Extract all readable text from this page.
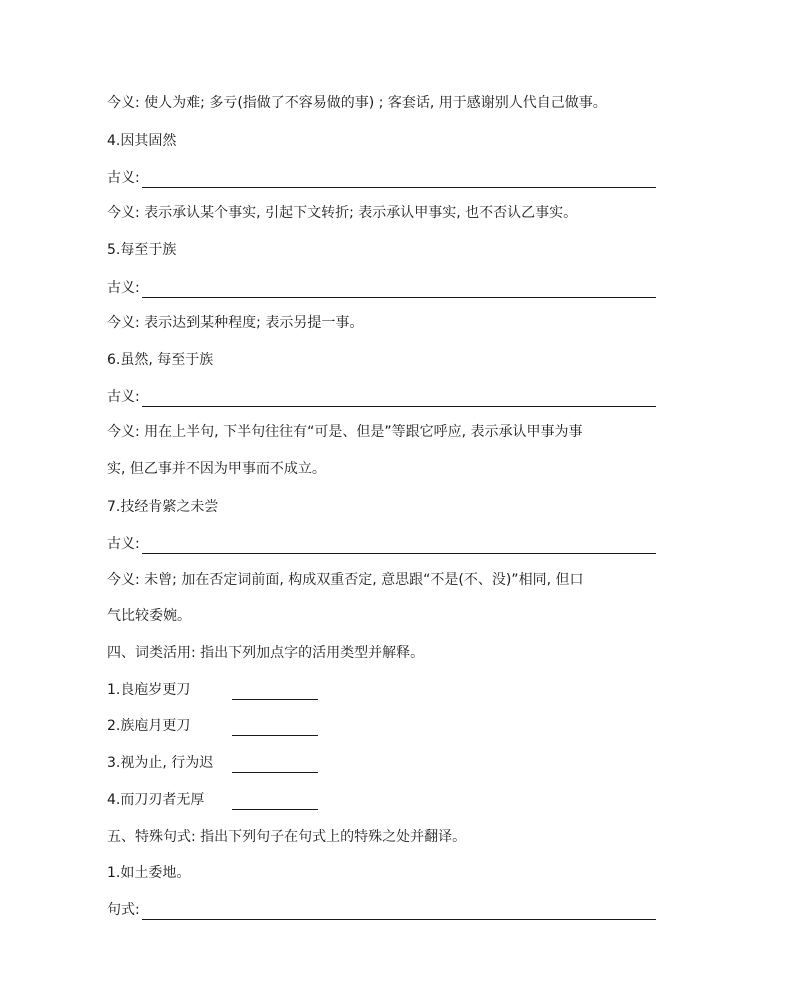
今义: 使人为难; 多亏(指做了不容易做的事) ; 客套话, 用于感谢别人代自己做事。
4.因其固然
古义:
今义: 表示承认某个事实, 引起下文转折; 表示承认甲事实, 也不否认乙事实。
5.每至于族
古义:
今义: 表示达到某种程度; 表示另提一事。
6.虽然, 每至于族
古义:
今义: 用在上半句, 下半句往往有“可是、但是”等跟它呼应, 表示承认甲事为事
实, 但乙事并不因为甲事而不成立。
7.技经肯綮之未尝
古义:
今义: 未曾; 加在否定词前面, 构成双重否定, 意思跟“不是(不、没)”相同, 但口
气比较委婉。
四、词类活用: 指出下列加点字的活用类型并解释。
1.良庖岁更刀
2.族庖月更刀
3.视为止, 行为迟
4.而刀刃者无厚
五、特殊句式: 指出下列句子在句式上的特殊之处并翻译。
1.如土委地。
句式:
